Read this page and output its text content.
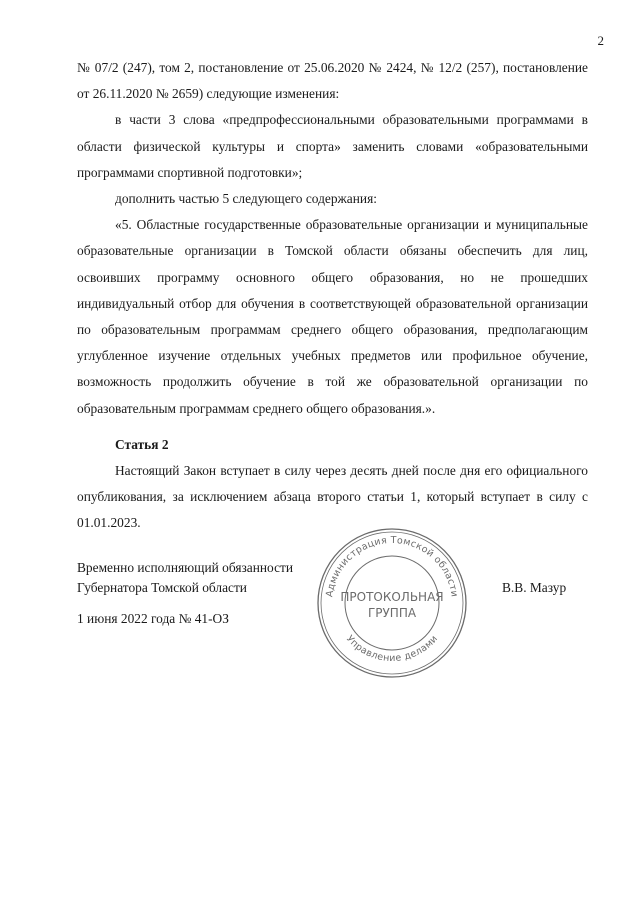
2

№ 07/2 (247), том 2, постановление от 25.06.2020 № 2424, № 12/2 (257), постановление от 26.11.2020 № 2659) следующие изменения:

в части 3 слова «предпрофессиональными образовательными программами в области физической культуры и спорта» заменить словами «образовательными программами спортивной подготовки»;

дополнить частью 5 следующего содержания:

«5. Областные государственные образовательные организации и муниципальные образовательные организации в Томской области обязаны обеспечить для лиц, освоивших программу основного общего образования, но не прошедших индивидуальный отбор для обучения в соответствующей образовательной организации по образовательным программам среднего общего образования, предполагающим углубленное изучение отдельных учебных предметов или профильное обучение, возможность продолжить обучение в той же образовательной организации по образовательным программам среднего общего образования.».

Статья 2

Настоящий Закон вступает в силу через десять дней после дня его официального опубликования, за исключением абзаца второго статьи 1, который вступает в силу с 01.01.2023.

Временно исполняющий обязанности
Губернатора Томской области	В.В. Мазур
1 июня 2022 года № 41-ОЗ
Администрация Томской области
Управление делами
ПРОТОКОЛЬНАЯ
ГРУППА
